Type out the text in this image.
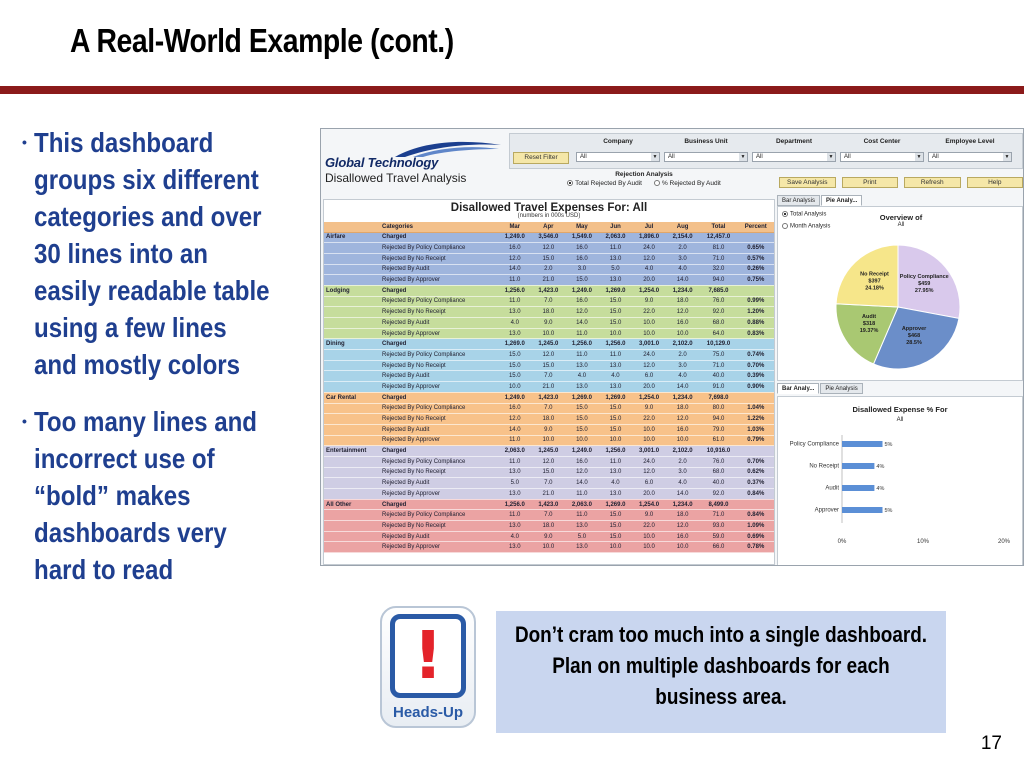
A Real-World Example (cont.)
• This dashboard groups six different categories and over 30 lines into an easily readable table using a few lines and mostly colors
• Too many lines and incorrect use of “bold” makes dashboards very hard to read
Global Technology
Disallowed Travel Analysis
Reset Filter
Company
All	▼
Business Unit
All	▼
Department
All	▼
Cost Center
All	▼
Employee Level
All	▼
Rejection Analysis
Total Rejected By Audit	% Rejected By Audit	Save Analysis	Print	Refresh	Help
Disallowed Travel Expenses For: All
(numbers in 000s USD)
	Categories	Mar	Apr	May	Jun	Jul	Aug	Total	Percent
Airfare	Charged	1,249.0	3,546.0	1,549.0	2,063.0	1,896.0	2,154.0	12,457.0	
	Rejected By Policy Compliance	16.0	12.0	16.0	11.0	24.0	2.0	81.0	0.65%
	Rejected By No Receipt	12.0	15.0	16.0	13.0	12.0	3.0	71.0	0.57%
	Rejected By Audit	14.0	2.0	3.0	5.0	4.0	4.0	32.0	0.26%
	Rejected By Approver	11.0	21.0	15.0	13.0	20.0	14.0	94.0	0.75%
Lodging	Charged	1,256.0	1,423.0	1,249.0	1,269.0	1,254.0	1,234.0	7,685.0	
	Rejected By Policy Compliance	11.0	7.0	16.0	15.0	9.0	18.0	76.0	0.99%
	Rejected By No Receipt	13.0	18.0	12.0	15.0	22.0	12.0	92.0	1.20%
	Rejected By Audit	4.0	9.0	14.0	15.0	10.0	16.0	68.0	0.88%
	Rejected By Approver	13.0	10.0	11.0	10.0	10.0	10.0	64.0	0.83%
Dining	Charged	1,269.0	1,245.0	1,256.0	1,256.0	3,001.0	2,102.0	10,129.0	
	Rejected By Policy Compliance	15.0	12.0	11.0	11.0	24.0	2.0	75.0	0.74%
	Rejected By No Receipt	15.0	15.0	13.0	13.0	12.0	3.0	71.0	0.70%
	Rejected By Audit	15.0	7.0	4.0	4.0	6.0	4.0	40.0	0.39%
	Rejected By Approver	10.0	21.0	13.0	13.0	20.0	14.0	91.0	0.90%
Car Rental	Charged	1,249.0	1,423.0	1,269.0	1,269.0	1,254.0	1,234.0	7,698.0	
	Rejected By Policy Compliance	16.0	7.0	15.0	15.0	9.0	18.0	80.0	1.04%
	Rejected By No Receipt	12.0	18.0	15.0	15.0	22.0	12.0	94.0	1.22%
	Rejected By Audit	14.0	9.0	15.0	15.0	10.0	16.0	79.0	1.03%
	Rejected By Approver	11.0	10.0	10.0	10.0	10.0	10.0	61.0	0.79%
Entertainment	Charged	2,063.0	1,245.0	1,249.0	1,256.0	3,001.0	2,102.0	10,916.0	
	Rejected By Policy Compliance	11.0	12.0	16.0	11.0	24.0	2.0	76.0	0.70%
	Rejected By No Receipt	13.0	15.0	12.0	13.0	12.0	3.0	68.0	0.62%
	Rejected By Audit	5.0	7.0	14.0	4.0	6.0	4.0	40.0	0.37%
	Rejected By Approver	13.0	21.0	11.0	13.0	20.0	14.0	92.0	0.84%
All Other	Charged	1,256.0	1,423.0	2,063.0	1,269.0	1,254.0	1,234.0	8,499.0	
	Rejected By Policy Compliance	11.0	7.0	11.0	15.0	9.0	18.0	71.0	0.84%
	Rejected By No Receipt	13.0	18.0	13.0	15.0	22.0	12.0	93.0	1.09%
	Rejected By Audit	4.0	9.0	5.0	15.0	10.0	16.0	59.0	0.69%
	Rejected By Approver	13.0	10.0	13.0	10.0	10.0	10.0	66.0	0.78%
Bar Analysis	Pie Analy...
Total Analysis
Month Analysis
Overview of
All
Policy Compliance
$459
27.95%
Approver
$468
28.5%
Audit
$318
19.37%
No Receipt
$397
24.18%
Bar Analy...	Pie Analysis
Disallowed Expense % For
All
Policy Compliance	5%
No Receipt	4%
Audit	4%
Approver	5%
0%	10%	20%
!
Heads-Up
Don’t cram too much into a single dashboard. Plan on multiple dashboards for each business area.
17
